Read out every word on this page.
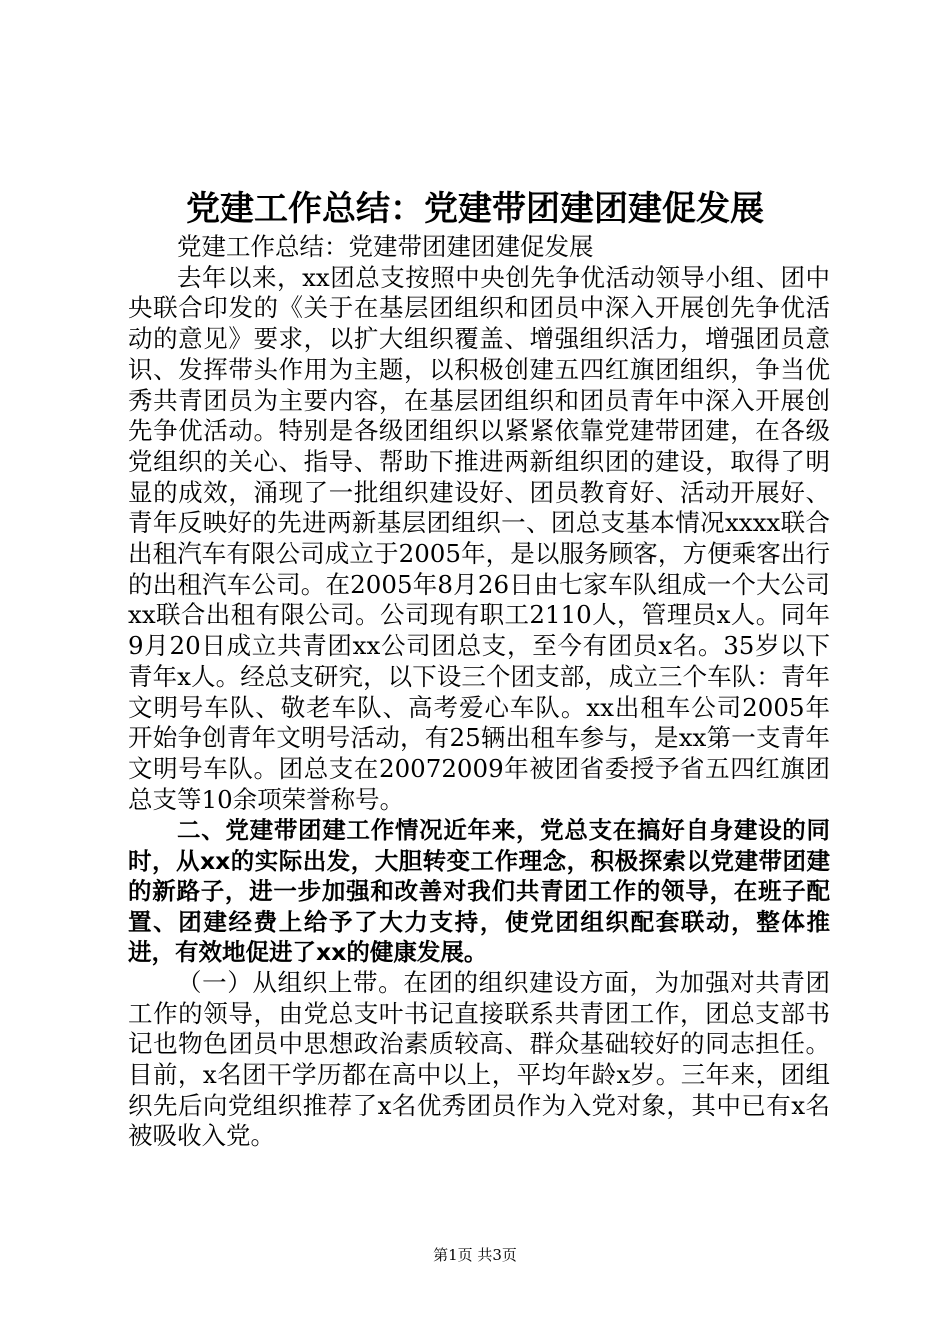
党建工作总结：党建带团建团建促发展

党建工作总结：党建带团建团建促发展

去年以来，xx团总支按照中央创先争优活动领导小组、团中央联合印发的《关于在基层团组织和团员中深入开展创先争优活动的意见》要求，以扩大组织覆盖、增强组织活力，增强团员意识、发挥带头作用为主题，以积极创建五四红旗团组织，争当优秀共青团员为主要内容，在基层团组织和团员青年中深入开展创先争优活动。特别是各级团组织以紧紧依靠党建带团建，在各级党组织的关心、指导、帮助下推进两新组织团的建设，取得了明显的成效，涌现了一批组织建设好、团员教育好、活动开展好、青年反映好的先进两新基层团组织一、团总支基本情况xxxx联合出租汽车有限公司成立于2005年，是以服务顾客，方便乘客出行的出租汽车公司。在2005年8月26日由七家车队组成一个大公司xx联合出租有限公司。公司现有职工2110人，管理员x人。同年9月20日成立共青团xx公司团总支，至今有团员x名。35岁以下青年x人。经总支研究，以下设三个团支部，成立三个车队：青年文明号车队、敬老车队、高考爱心车队。xx出租车公司2005年开始争创青年文明号活动，有25辆出租车参与，是xx第一支青年文明号车队。团总支在20072009年被团省委授予省五四红旗团总支等10余项荣誉称号。

二、党建带团建工作情况近年来，党总支在搞好自身建设的同时，从xx的实际出发，大胆转变工作理念，积极探索以党建带团建的新路子，进一步加强和改善对我们共青团工作的领导，在班子配置、团建经费上给予了大力支持，使党团组织配套联动，整体推进，有效地促进了xx的健康发展。

（一）从组织上带。在团的组织建设方面，为加强对共青团工作的领导，由党总支叶书记直接联系共青团工作，团总支部书记也物色团员中思想政治素质较高、群众基础较好的同志担任。目前，x名团干学历都在高中以上，平均年龄x岁。三年来，团组织先后向党组织推荐了x名优秀团员作为入党对象，其中已有x名被吸收入党。

第1页 共3页
